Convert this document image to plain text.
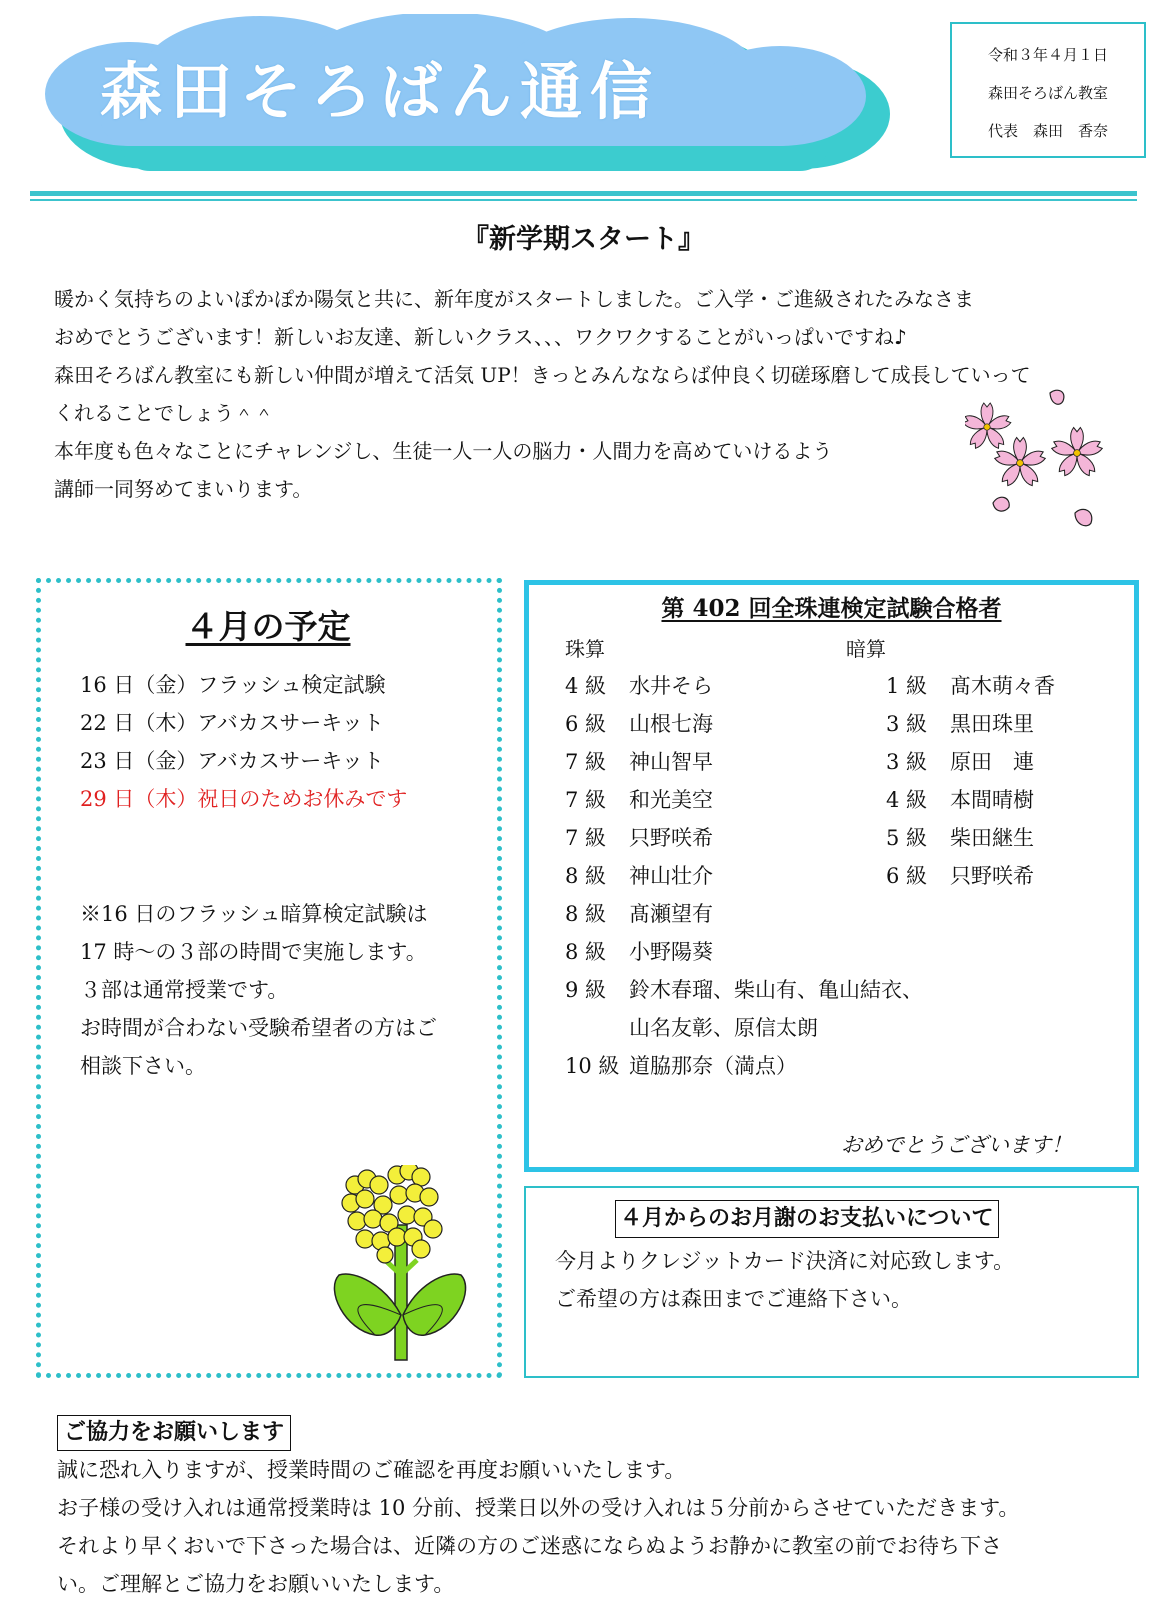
森田そろばん通信	令和３年４月１日
森田そろばん教室
代表　森田　香奈
『新学期スタート』
暖かく気持ちのよいぽかぽか陽気と共に、新年度がスタートしました。ご入学・ご進級されたみなさま
おめでとうございます！新しいお友達、新しいクラス、、、ワクワクすることがいっぱいですね♪
森田そろばん教室にも新しい仲間が増えて活気 UP！きっとみんなならば仲良く切磋琢磨して成長していって
くれることでしょう＾＾
本年度も色々なことにチャレンジし、生徒一人一人の脳力・人間力を高めていけるよう
講師一同努めてまいります。
４月の予定
16 日（金）フラッシュ検定試験
22 日（木）アバカスサーキット
23 日（金）アバカスサーキット
29 日（木）祝日のためお休みです
※16 日のフラッシュ暗算検定試験は
17 時～の３部の時間で実施します。
３部は通常授業です。
お時間が合わない受験希望者の方はご
相談下さい。
第 402 回全珠連検定試験合格者
珠算	暗算
4 級 水井そら
6 級 山根七海
7 級 神山智早
7 級 和光美空
7 級 只野咲希
8 級 神山壮介
8 級 髙瀬望有
8 級 小野陽葵
9 級 鈴木春瑠、柴山有、亀山結衣、
山名友彰、原信太朗
10 級 道脇那奈（満点）
1 級 髙木萌々香
3 級 黒田珠里
3 級 原田　連
4 級 本間晴樹
5 級 柴田継生
6 級 只野咲希
おめでとうございます！
４月からのお月謝のお支払いについて
今月よりクレジットカード決済に対応致します。
ご希望の方は森田までご連絡下さい。
ご協力をお願いします
誠に恐れ入りますが、授業時間のご確認を再度お願いいたします。
お子様の受け入れは通常授業時は 10 分前、授業日以外の受け入れは５分前からさせていただきます。
それより早くおいで下さった場合は、近隣の方のご迷惑にならぬようお静かに教室の前でお待ち下さ
い。ご理解とご協力をお願いいたします。
